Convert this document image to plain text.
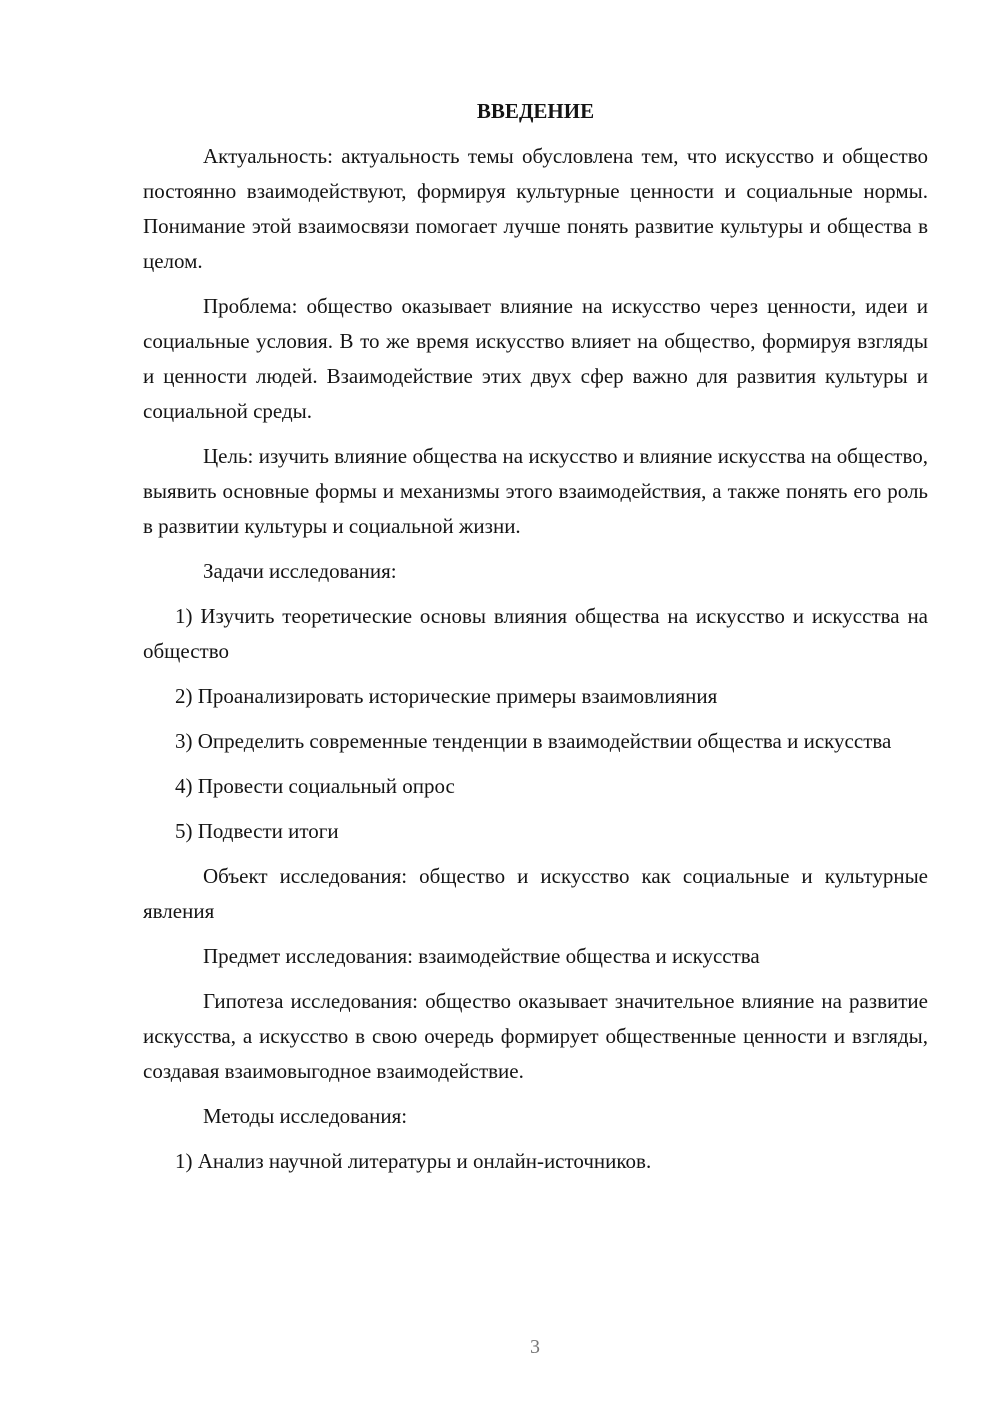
ВВЕДЕНИЕ

Актуальность: актуальность темы обусловлена тем, что искусство и общество постоянно взаимодействуют, формируя культурные ценности и социальные нормы. Понимание этой взаимосвязи помогает лучше понять развитие культуры и общества в целом.

Проблема: общество оказывает влияние на искусство через ценности, идеи и социальные условия. В то же время искусство влияет на общество, формируя взгляды и ценности людей. Взаимодействие этих двух сфер важно для развития культуры и социальной среды.

Цель: изучить влияние общества на искусство и влияние искусства на общество, выявить основные формы и механизмы этого взаимодействия, а также понять его роль в развитии культуры и социальной жизни.

Задачи исследования:

1) Изучить теоретические основы влияния общества на искусство и искусства на общество

2) Проанализировать исторические примеры взаимовлияния

3) Определить современные тенденции в взаимодействии общества и искусства

4) Провести социальный опрос

5) Подвести итоги

Объект исследования: общество и искусство как социальные и культурные явления

Предмет исследования: взаимодействие общества и искусства

Гипотеза исследования: общество оказывает значительное влияние на развитие искусства, а искусство в свою очередь формирует общественные ценности и взгляды, создавая взаимовыгодное взаимодействие.

Методы исследования:

1) Анализ научной литературы и онлайн-источников.

3
